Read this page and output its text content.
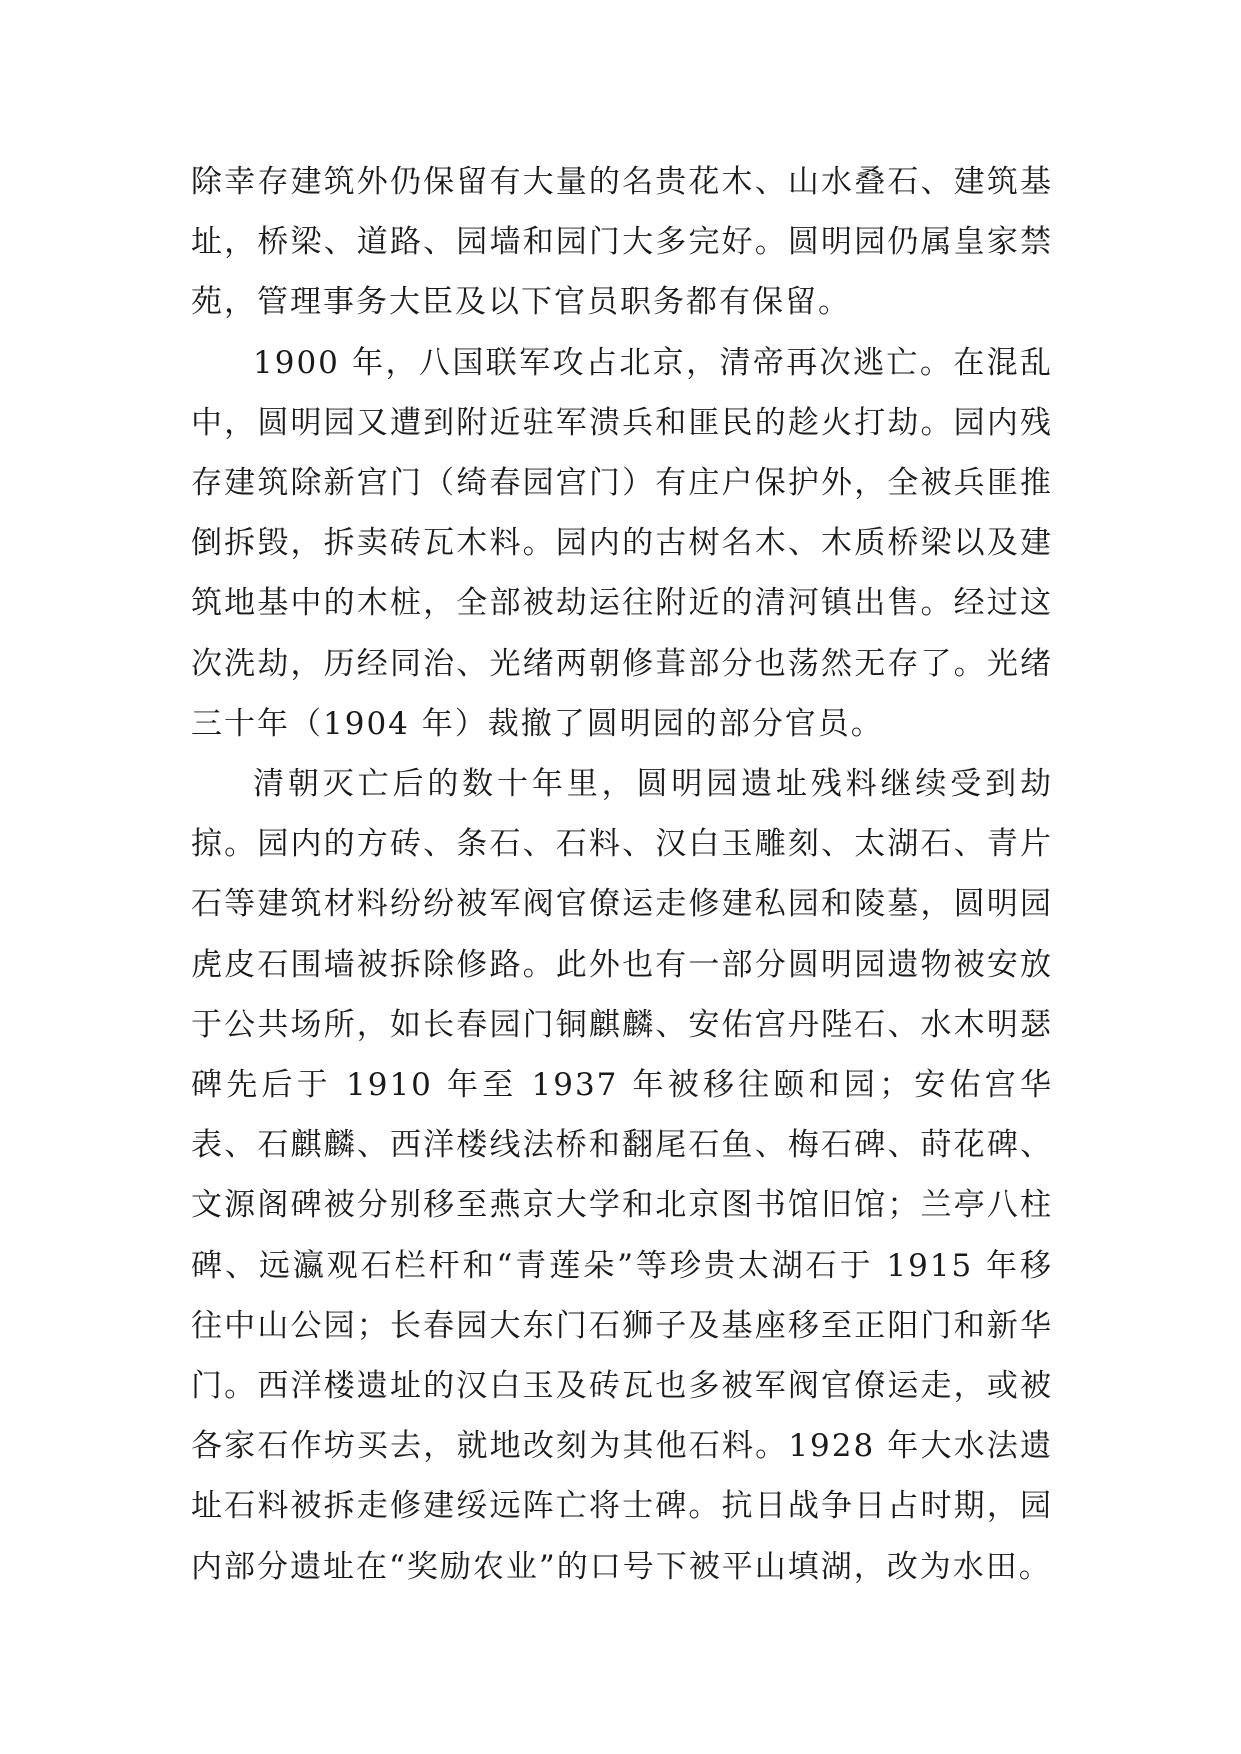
除幸存建筑外仍保留有大量的名贵花木、山水叠石、建筑基址，桥梁、道路、园墙和园门大多完好。圆明园仍属皇家禁苑，管理事务大臣及以下官员职务都有保留。

1900 年，八国联军攻占北京，清帝再次逃亡。在混乱中，圆明园又遭到附近驻军溃兵和匪民的趁火打劫。园内残存建筑除新宫门（绮春园宫门）有庄户保护外，全被兵匪推倒拆毁，拆卖砖瓦木料。园内的古树名木、木质桥梁以及建筑地基中的木桩，全部被劫运往附近的清河镇出售。经过这次洗劫，历经同治、光绪两朝修葺部分也荡然无存了。光绪三十年（1904 年）裁撤了圆明园的部分官员。

清朝灭亡后的数十年里，圆明园遗址残料继续受到劫掠。园内的方砖、条石、石料、汉白玉雕刻、太湖石、青片石等建筑材料纷纷被军阀官僚运走修建私园和陵墓，圆明园虎皮石围墙被拆除修路。此外也有一部分圆明园遗物被安放于公共场所，如长春园门铜麒麟、安佑宫丹陛石、水木明瑟碑先后于 1910 年至 1937 年被移往颐和园；安佑宫华表、石麒麟、西洋楼线法桥和翻尾石鱼、梅石碑、莳花碑、文源阁碑被分别移至燕京大学和北京图书馆旧馆；兰亭八柱碑、远瀛观石栏杆和“青莲朵”等珍贵太湖石于 1915 年移往中山公园；长春园大东门石狮子及基座移至正阳门和新华门。西洋楼遗址的汉白玉及砖瓦也多被军阀官僚运走，或被各家石作坊买去，就地改刻为其他石料。1928 年大水法遗址石料被拆走修建绥远阵亡将士碑。抗日战争日占时期，园内部分遗址在“奖励农业”的口号下被平山填湖，改为水田。
